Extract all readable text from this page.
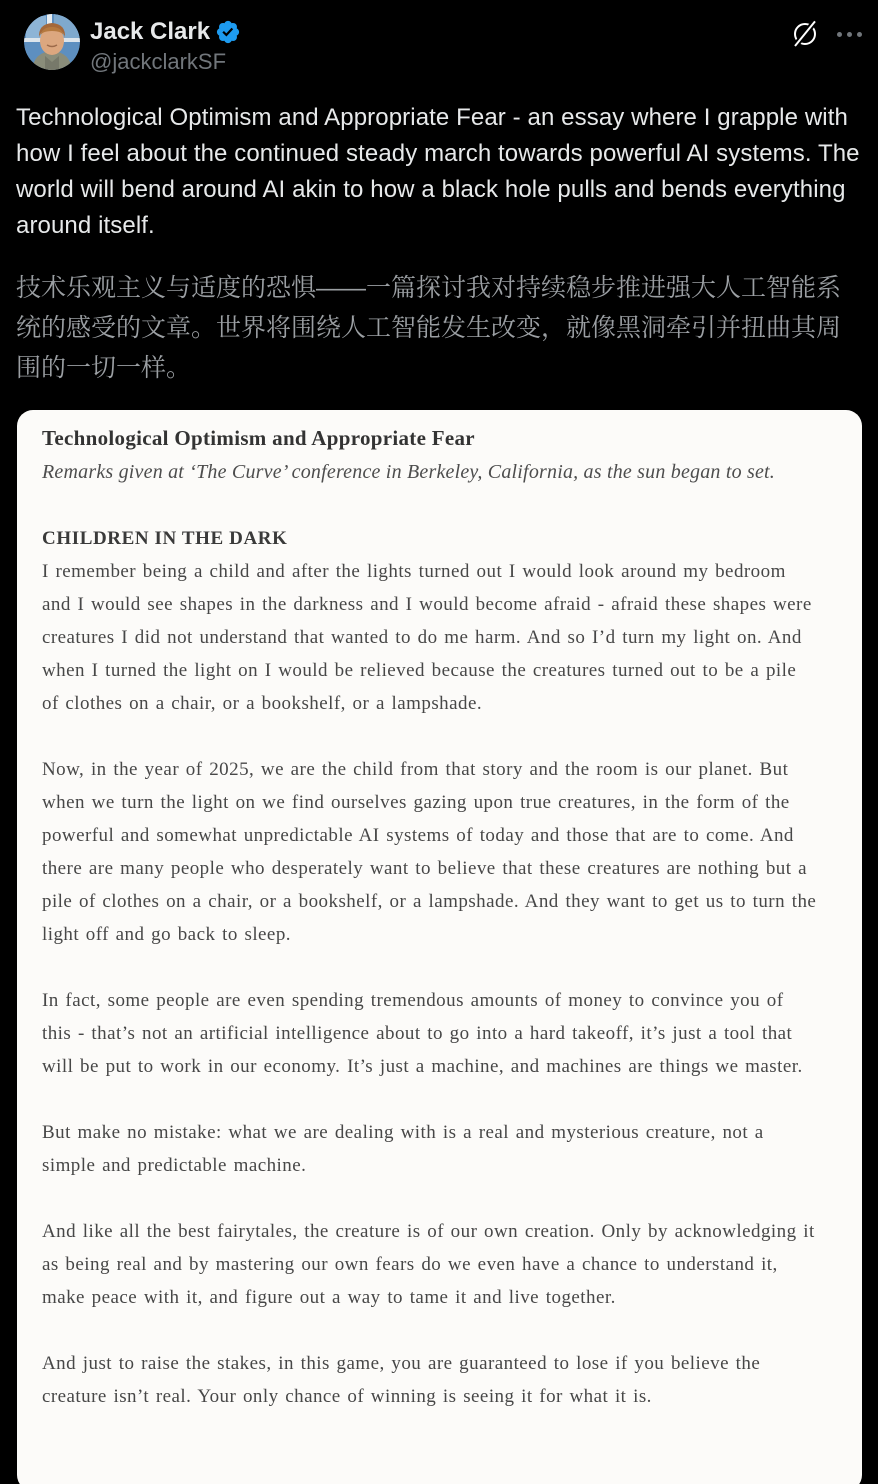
Jack Clark
@jackclarkSF
Technological Optimism and Appropriate Fear - an essay where I grapple with how I feel about the continued steady march towards powerful AI systems. The world will bend around AI akin to how a black hole pulls and bends everything around itself.
技术乐观主义与适度的恐惧——一篇探讨我对持续稳步推进强大人工智能系统的感受的文章。世界将围绕人工智能发生改变，就像黑洞牵引并扭曲其周围的一切一样。
Technological Optimism and Appropriate Fear
Remarks given at ‘The Curve’ conference in Berkeley, California, as the sun began to set.
CHILDREN IN THE DARK

I remember being a child and after the lights turned out I would look around my bedroom and I would see shapes in the darkness and I would become afraid - afraid these shapes were creatures I did not understand that wanted to do me harm. And so I’d turn my light on. And when I turned the light on I would be relieved because the creatures turned out to be a pile of clothes on a chair, or a bookshelf, or a lampshade.

Now, in the year of 2025, we are the child from that story and the room is our planet. But when we turn the light on we find ourselves gazing upon true creatures, in the form of the powerful and somewhat unpredictable AI systems of today and those that are to come. And there are many people who desperately want to believe that these creatures are nothing but a pile of clothes on a chair, or a bookshelf, or a lampshade. And they want to get us to turn the light off and go back to sleep.

In fact, some people are even spending tremendous amounts of money to convince you of this - that’s not an artificial intelligence about to go into a hard takeoff, it’s just a tool that will be put to work in our economy. It’s just a machine, and machines are things we master.

But make no mistake: what we are dealing with is a real and mysterious creature, not a simple and predictable machine.

And like all the best fairytales, the creature is of our own creation. Only by acknowledging it as being real and by mastering our own fears do we even have a chance to understand it, make peace with it, and figure out a way to tame it and live together.

And just to raise the stakes, in this game, you are guaranteed to lose if you believe the creature isn’t real. Your only chance of winning is seeing it for what it is.
